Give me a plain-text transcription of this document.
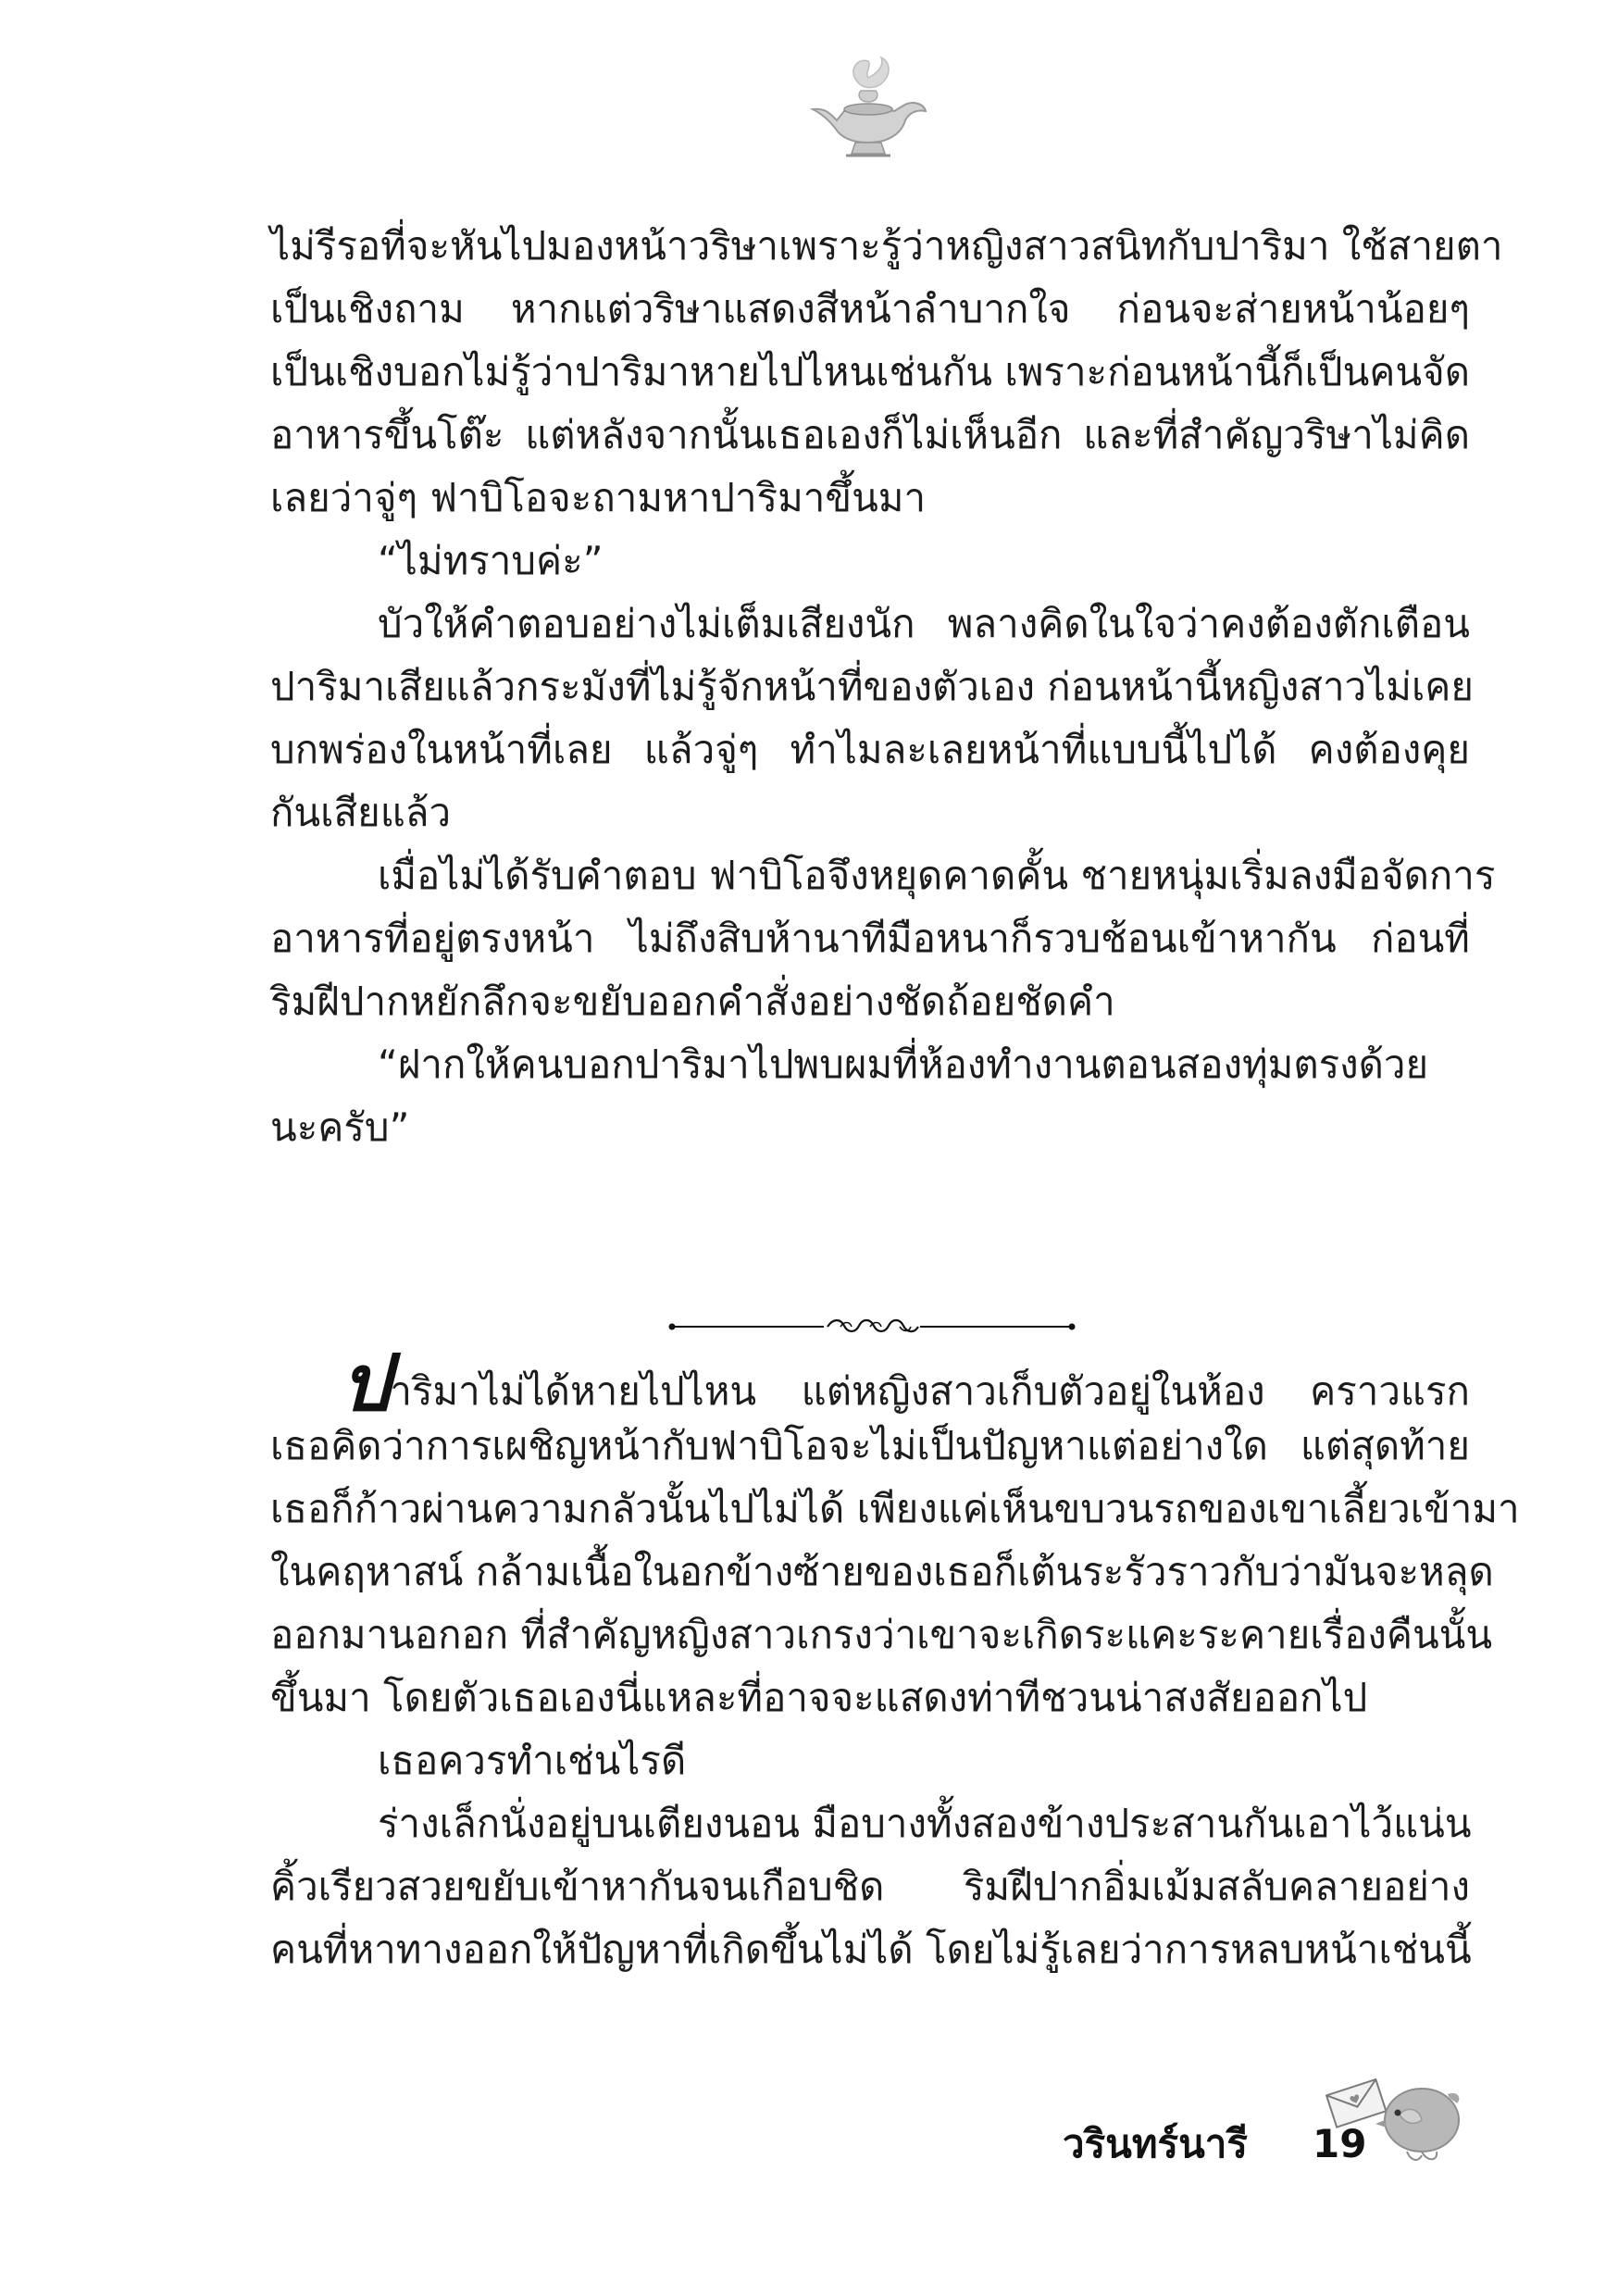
ไม่รีรอที่จะหันไปมองหน้าวริษาเพราะรู้ว่าหญิงสาวสนิทกับปาริมา ใช้สายตา
เป็นเชิงถาม หากแต่วริษาแสดงสีหน้าลำบากใจ ก่อนจะส่ายหน้าน้อยๆ
เป็นเชิงบอกไม่รู้ว่าปาริมาหายไปไหนเช่นกัน เพราะก่อนหน้านี้ก็เป็นคนจัด
อาหารขึ้นโต๊ะ แต่หลังจากนั้นเธอเองก็ไม่เห็นอีก และที่สำคัญวริษาไม่คิด
เลยว่าจู่ๆ ฟาบิโอจะถามหาปาริมาขึ้นมา
“ไม่ทราบค่ะ”
บัวให้คำตอบอย่างไม่เต็มเสียงนัก พลางคิดในใจว่าคงต้องตักเตือน
ปาริมาเสียแล้วกระมังที่ไม่รู้จักหน้าที่ของตัวเอง ก่อนหน้านี้หญิงสาวไม่เคย
บกพร่องในหน้าที่เลย แล้วจู่ๆ ทำไมละเลยหน้าที่แบบนี้ไปได้ คงต้องคุย
กันเสียแล้ว
เมื่อไม่ได้รับคำตอบ ฟาบิโอจึงหยุดคาดคั้น ชายหนุ่มเริ่มลงมือจัดการ
อาหารที่อยู่ตรงหน้า ไม่ถึงสิบห้านาทีมือหนาก็รวบช้อนเข้าหากัน ก่อนที่
ริมฝีปากหยักลึกจะขยับออกคำสั่งอย่างชัดถ้อยชัดคำ
“ฝากให้คนบอกปาริมาไปพบผมที่ห้องทำงานตอนสองทุ่มตรงด้วย
นะครับ”
ปาริมาไม่ได้หายไปไหน แต่หญิงสาวเก็บตัวอยู่ในห้อง คราวแรก
เธอคิดว่าการเผชิญหน้ากับฟาบิโอจะไม่เป็นปัญหาแต่อย่างใด แต่สุดท้าย
เธอก็ก้าวผ่านความกลัวนั้นไปไม่ได้ เพียงแค่เห็นขบวนรถของเขาเลี้ยวเข้ามา
ในคฤหาสน์ กล้ามเนื้อในอกข้างซ้ายของเธอก็เต้นระรัวราวกับว่ามันจะหลุด
ออกมานอกอก ที่สำคัญหญิงสาวเกรงว่าเขาจะเกิดระแคะระคายเรื่องคืนนั้น
ขึ้นมา โดยตัวเธอเองนี่แหละที่อาจจะแสดงท่าทีชวนน่าสงสัยออกไป
เธอควรทำเช่นไรดี
ร่างเล็กนั่งอยู่บนเตียงนอน มือบางทั้งสองข้างประสานกันเอาไว้แน่น
คิ้วเรียวสวยขยับเข้าหากันจนเกือบชิด ริมฝีปากอิ่มเม้มสลับคลายอย่าง
คนที่หาทางออกให้ปัญหาที่เกิดขึ้นไม่ได้ โดยไม่รู้เลยว่าการหลบหน้าเช่นนี้
วรินทร์นารี 19
